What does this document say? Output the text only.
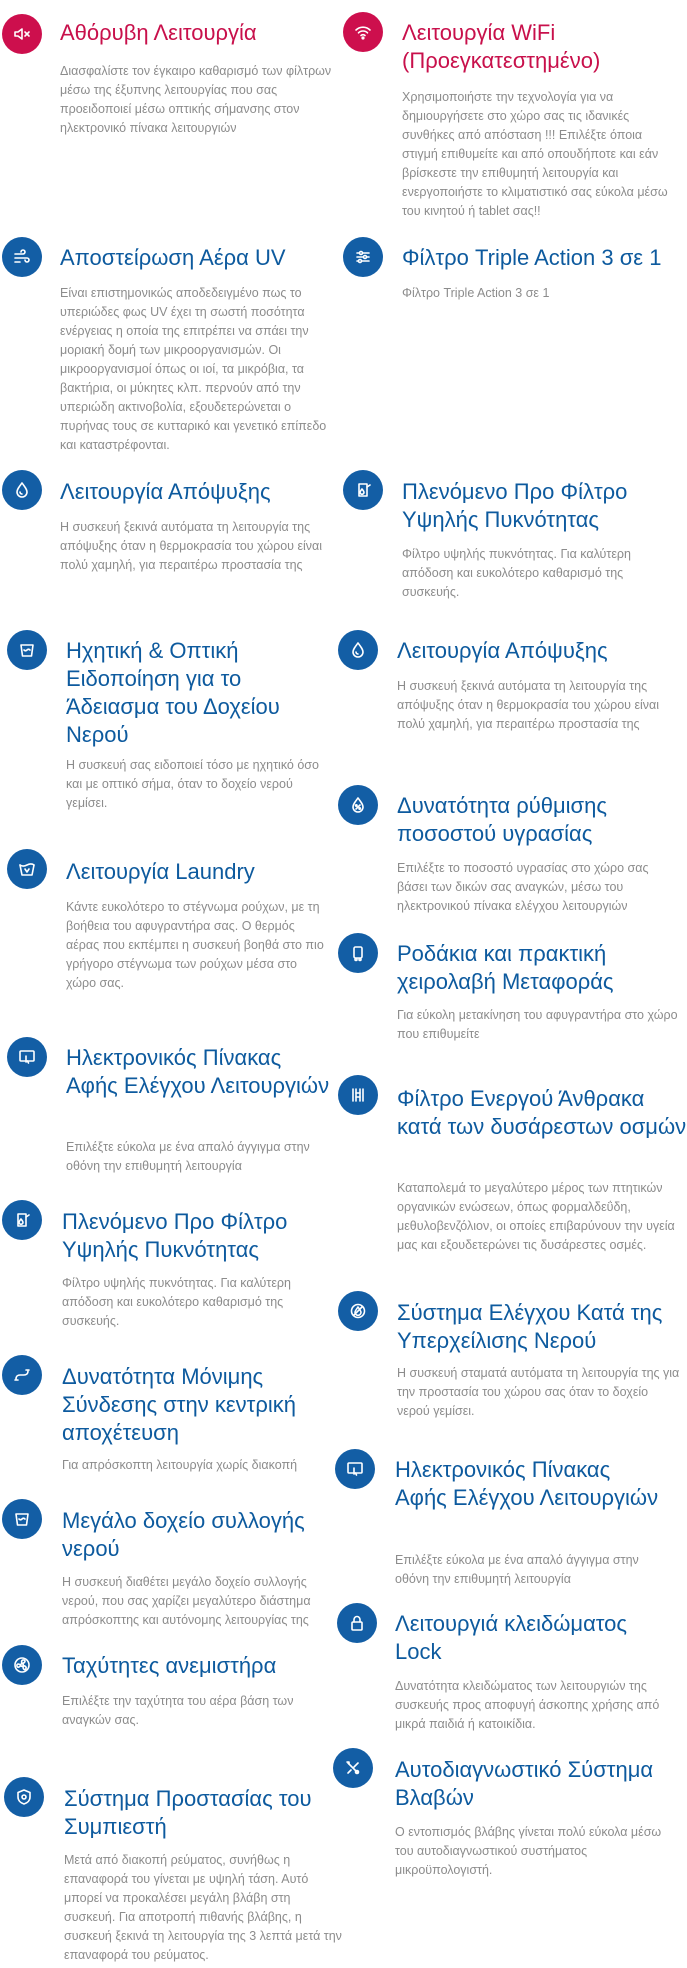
Αθόρυβη Λειτουργία

Διασφαλίστε τον έγκαιρο καθαρισμό των φίλτρων μέσω της έξυπνης λειτουργίας που σας προειδοποιεί μέσω οπτικής σήμανσης στον ηλεκτρονικό πίνακα λειτουργιών

Λειτουργία WiFi (Προεγκατεστημένο)

Χρησιμοποιήστε την τεχνολογία για να δημιουργήσετε στο χώρο σας τις ιδανικές συνθήκες από απόσταση !!! Επιλέξτε όποια στιγμή επιθυμείτε και από οπουδήποτε και εάν βρίσκεστε την επιθυμητή λειτουργία και ενεργοποιήστε το κλιματιστικό σας εύκολα μέσω του κινητού ή tablet σας!!

Αποστείρωση Αέρα UV

Είναι επιστημονικώς αποδεδειγμένο πως το υπεριώδες φως UV έχει τη σωστή ποσότητα ενέργειας η οποία της επιτρέπει να σπάει την μοριακή δομή των μικροοργανισμών. Οι μικροοργανισμοί όπως οι ιοί, τα μικρόβια, τα βακτήρια, οι μύκητες κλπ. περνούν από την υπεριώδη ακτινοβολία, εξουδετερώνεται ο πυρήνας τους σε κυτταρικό και γενετικό επίπεδο και καταστρέφονται.

Φίλτρο Triple Action 3 σε 1

Φίλτρο Triple Action 3 σε 1

Λειτουργία Απόψυξης

Η συσκευή ξεκινά αυτόματα τη λειτουργία της απόψυξης όταν η θερμοκρασία του χώρου είναι πολύ χαμηλή, για περαιτέρω προστασία της

Πλενόμενο Προ Φίλτρο Υψηλής Πυκνότητας

Φίλτρο υψηλής πυκνότητας. Για καλύτερη απόδοση και ευκολότερο καθαρισμό της συσκευής.

Ηχητική & Οπτική Ειδοποίηση για το Άδειασμα του Δοχείου Νερού

Η συσκευή σας ειδοποιεί τόσο με ηχητικό όσο και με οπτικό σήμα, όταν το δοχείο νερού γεμίσει.

Λειτουργία Απόψυξης

Η συσκευή ξεκινά αυτόματα τη λειτουργία της απόψυξης όταν η θερμοκρασία του χώρου είναι πολύ χαμηλή, για περαιτέρω προστασία της

Δυνατότητα ρύθμισης ποσοστού υγρασίας

Επιλέξτε το ποσοστό υγρασίας στο χώρο σας βάσει των δικών σας αναγκών, μέσω του ηλεκτρονικού πίνακα ελέγχου λειτουργιών

Λειτουργία Laundry

Κάντε ευκολότερο το στέγνωμα ρούχων, με τη βοήθεια του αφυγραντήρα σας. Ο θερμός αέρας που εκπέμπει η συσκευή βοηθά στο πιο γρήγορο στέγνωμα των ρούχων μέσα στο χώρο σας.

Ροδάκια και πρακτική χειρολαβή Μεταφοράς

Για εύκολη μετακίνηση του αφυγραντήρα στο χώρο που επιθυμείτε

Ηλεκτρονικός Πίνακας Αφής Ελέγχου Λειτουργιών

Επιλέξτε εύκολα με ένα απαλό άγγιγμα στην οθόνη την επιθυμητή λειτουργία

Φίλτρο Ενεργού Άνθρακα κατά των δυσάρεστων οσμών

Καταπολεμά το μεγαλύτερο μέρος των πτητικών οργανικών ενώσεων, όπως φορμαλδεΰδη, μεθυλοβενζόλιον, οι οποίες επιβαρύνουν την υγεία μας και εξουδετερώνει τις δυσάρεστες οσμές.

Πλενόμενο Προ Φίλτρο Υψηλής Πυκνότητας

Φίλτρο υψηλής πυκνότητας. Για καλύτερη απόδοση και ευκολότερο καθαρισμό της συσκευής.	Σύστημα Ελέγχου Κατά της Υπερχείλισης Νερού

Η συσκευή σταματά αυτόματα τη λειτουργία της για την προστασία του χώρου σας όταν το δοχείο νερού γεμίσει.

Δυνατότητα Μόνιμης Σύνδεσης στην κεντρική αποχέτευση

Για απρόσκοπτη λειτουργία χωρίς διακοπή	Ηλεκτρονικός Πίνακας Αφής Ελέγχου Λειτουργιών

Επιλέξτε εύκολα με ένα απαλό άγγιγμα στην οθόνη την επιθυμητή λειτουργία

Μεγάλο δοχείο συλλογής νερού

Η συσκευή διαθέτει μεγάλο δοχείο συλλογής νερού, που σας χαρίζει μεγαλύτερο διάστημα απρόσκοπτης και αυτόνομης λειτουργίας της	Λειτουργιά κλειδώματος Lock

Δυνατότητα κλειδώματος των λειτουργιών της συσκευής προς αποφυγή άσκοπης χρήσης από μικρά παιδιά ή κατοικίδια.

Ταχύτητες ανεμιστήρα

Επιλέξτε την ταχύτητα του αέρα βάση των αναγκών σας.

Αυτοδιαγνωστικό Σύστημα Βλαβών

Ο εντοπισμός βλάβης γίνεται πολύ εύκολα μέσω του αυτοδιαγνωστικού συστήματος μικροϋπολογιστή.

Σύστημα Προστασίας του Συμπιεστή

Μετά από διακοπή ρεύματος, συνήθως η επαναφορά του γίνεται με υψηλή τάση. Αυτό μπορεί να προκαλέσει μεγάλη βλάβη στη συσκευή. Για αποτροπή πιθανής βλάβης, η συσκευή ξεκινά τη λειτουργία της 3 λεπτά μετά την επαναφορά του ρεύματος.
